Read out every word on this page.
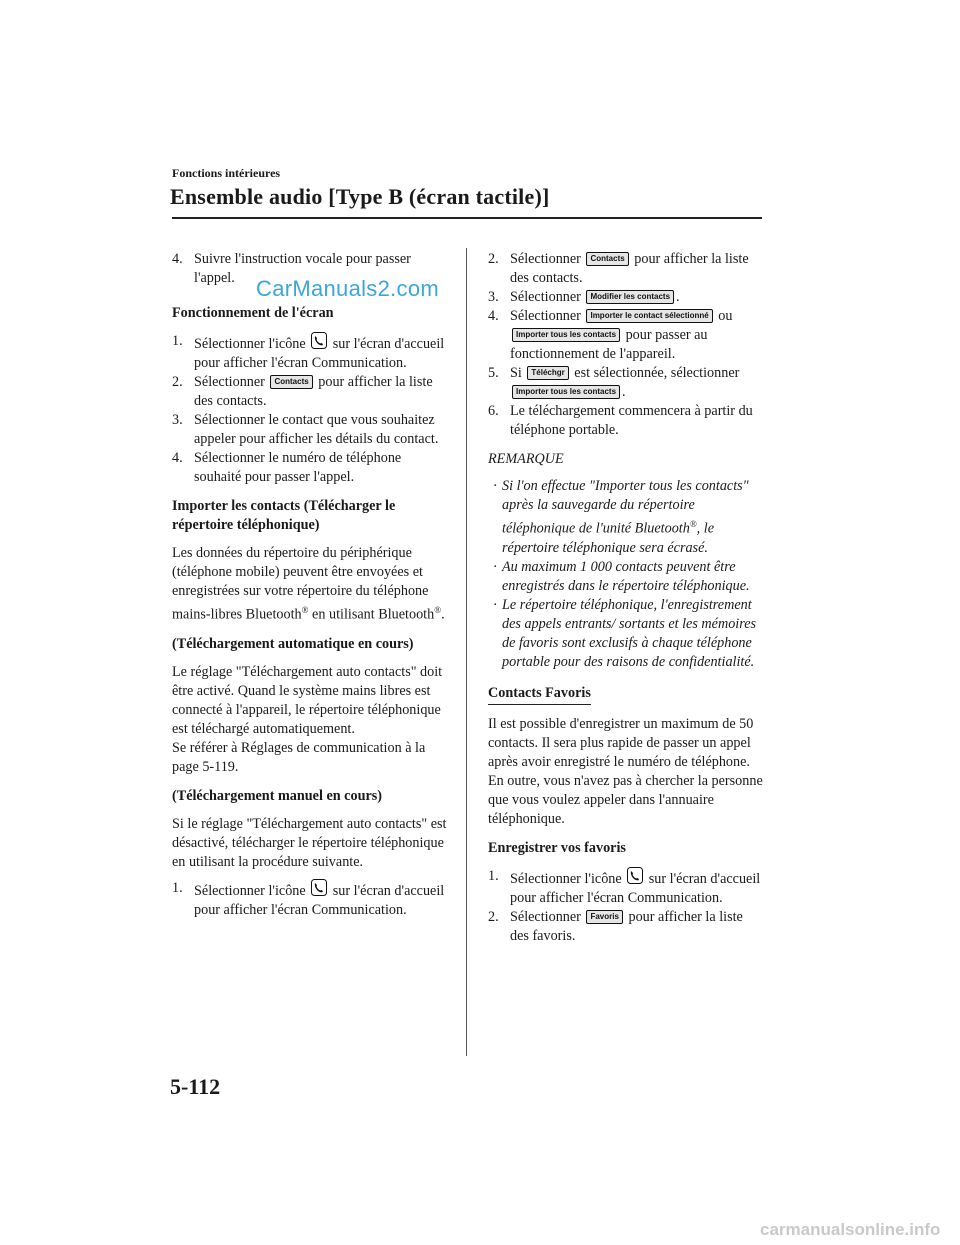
Fonctions intérieures
Ensemble audio [Type B (écran tactile)]
CarManuals2.com
4. Suivre l'instruction vocale pour passer l'appel.
Fonctionnement de l'écran
1. Sélectionner l'icône sur l'écran d'accueil pour afficher l'écran Communication.
2. Sélectionner Contacts pour afficher la liste des contacts.
3. Sélectionner le contact que vous souhaitez appeler pour afficher les détails du contact.
4. Sélectionner le numéro de téléphone souhaité pour passer l'appel.
Importer les contacts (Télécharger le répertoire téléphonique)
Les données du répertoire du périphérique (téléphone mobile) peuvent être envoyées et enregistrées sur votre répertoire du téléphone mains-libres Bluetooth® en utilisant Bluetooth®.
(Téléchargement automatique en cours)
Le réglage "Téléchargement auto contacts" doit être activé. Quand le système mains libres est connecté à l'appareil, le répertoire téléphonique est téléchargé automatiquement.
Se référer à Réglages de communication à la page 5-119.
(Téléchargement manuel en cours)
Si le réglage "Téléchargement auto contacts" est désactivé, télécharger le répertoire téléphonique en utilisant la procédure suivante.
1. Sélectionner l'icône sur l'écran d'accueil pour afficher l'écran Communication.
2. Sélectionner Contacts pour afficher la liste des contacts.
3. Sélectionner Modifier les contacts .
4. Sélectionner Importer le contact sélectionné ou Importer tous les contacts pour passer au fonctionnement de l'appareil.
5. Si Téléchgr est sélectionnée, sélectionner Importer tous les contacts .
6. Le téléchargement commencera à partir du téléphone portable.
REMARQUE
· Si l'on effectue "Importer tous les contacts" après la sauvegarde du répertoire téléphonique de l'unité Bluetooth®, le répertoire téléphonique sera écrasé.
· Au maximum 1 000 contacts peuvent être enregistrés dans le répertoire téléphonique.
· Le répertoire téléphonique, l'enregistrement des appels entrants/ sortants et les mémoires de favoris sont exclusifs à chaque téléphone portable pour des raisons de confidentialité.
Contacts Favoris
Il est possible d'enregistrer un maximum de 50 contacts. Il sera plus rapide de passer un appel après avoir enregistré le numéro de téléphone. En outre, vous n'avez pas à chercher la personne que vous voulez appeler dans l'annuaire téléphonique.
Enregistrer vos favoris
1. Sélectionner l'icône sur l'écran d'accueil pour afficher l'écran Communication.
2. Sélectionner Favoris pour afficher la liste des favoris.
5-112
carmanualsonline.info
